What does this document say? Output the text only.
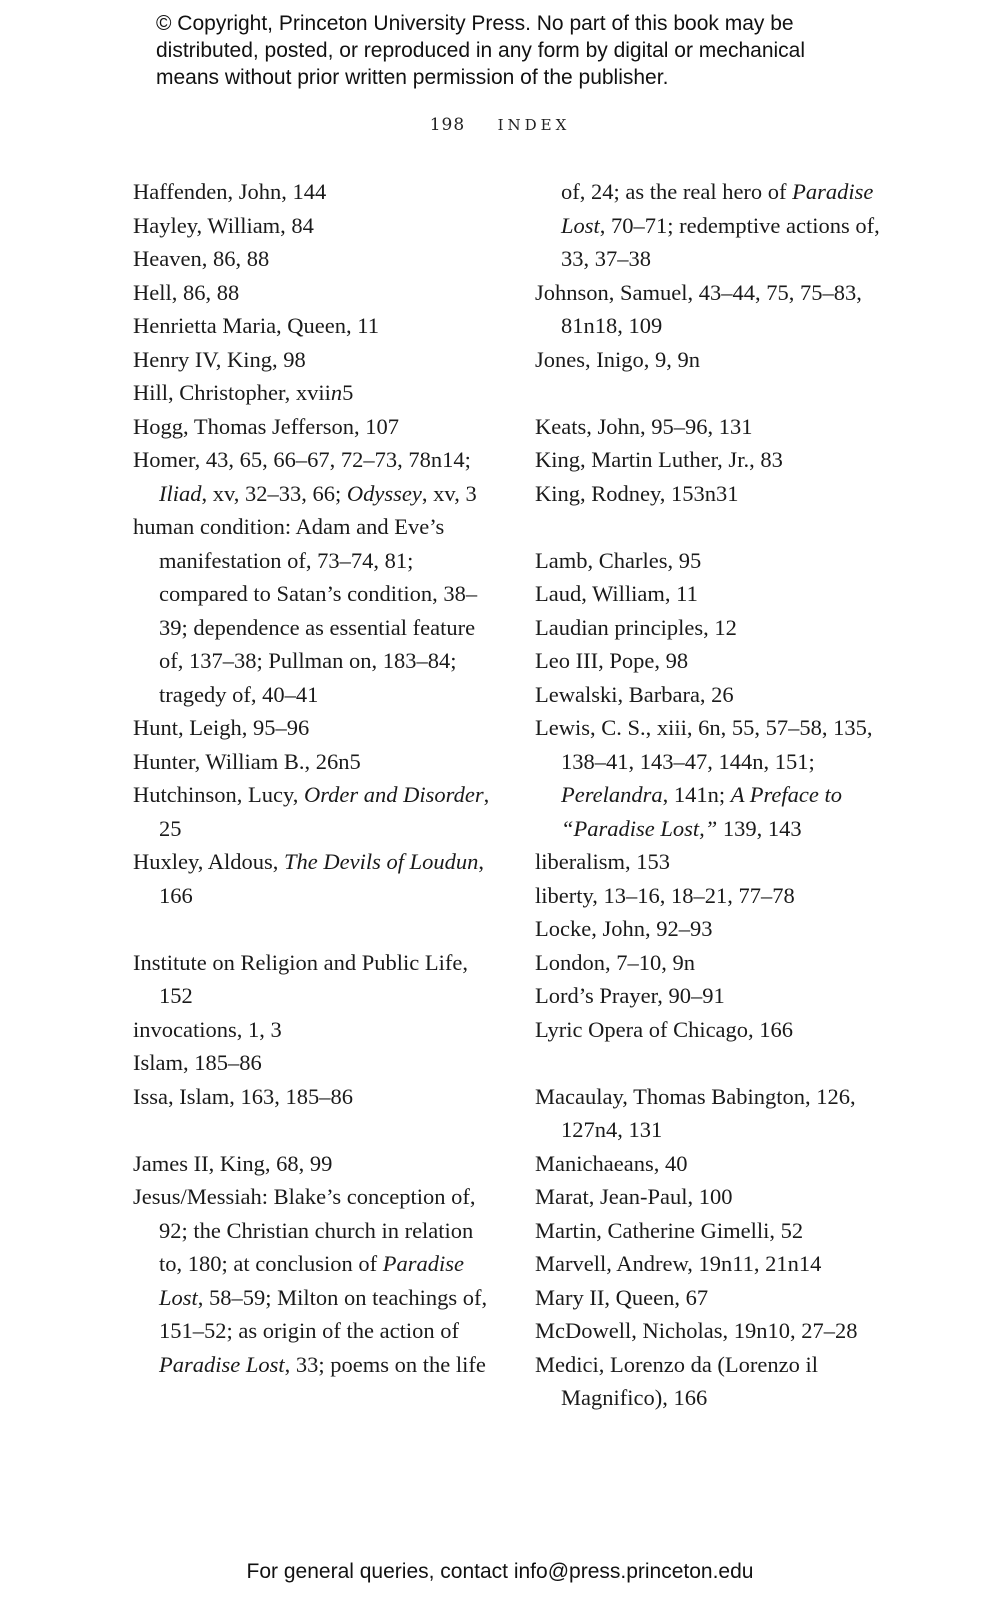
© Copyright, Princeton University Press. No part of this book may be
distributed, posted, or reproduced in any form by digital or mechanical
means without prior written permission of the publisher.
198 INDEX
Haffenden, John, 144
Hayley, William, 84
Heaven, 86, 88
Hell, 86, 88
Henrietta Maria, Queen, 11
Henry IV, King, 98
Hill, Christopher, xviin5
Hogg, Thomas Jefferson, 107
Homer, 43, 65, 66–67, 72–73, 78n14; Iliad, xv, 32–33, 66; Odyssey, xv, 3
human condition: Adam and Eve’s manifestation of, 73–74, 81; compared to Satan’s condition, 38–39; dependence as essential feature of, 137–38; Pullman on, 183–84; tragedy of, 40–41
Hunt, Leigh, 95–96
Hunter, William B., 26n5
Hutchinson, Lucy, Order and Disorder, 25
Huxley, Aldous, The Devils of Loudun, 166
Institute on Religion and Public Life, 152
invocations, 1, 3
Islam, 185–86
Issa, Islam, 163, 185–86
James II, King, 68, 99
Jesus/Messiah: Blake’s conception of, 92; the Christian church in relation to, 180; at conclusion of Paradise Lost, 58–59; Milton on teachings of, 151–52; as origin of the action of Paradise Lost, 33; poems on the life
of, 24; as the real hero of Paradise Lost, 70–71; redemptive actions of, 33, 37–38
Johnson, Samuel, 43–44, 75, 75–83, 81n18, 109
Jones, Inigo, 9, 9n
Keats, John, 95–96, 131
King, Martin Luther, Jr., 83
King, Rodney, 153n31
Lamb, Charles, 95
Laud, William, 11
Laudian principles, 12
Leo III, Pope, 98
Lewalski, Barbara, 26
Lewis, C. S., xiii, 6n, 55, 57–58, 135, 138–41, 143–47, 144n, 151; Perelandra, 141n; A Preface to “Paradise Lost,” 139, 143
liberalism, 153
liberty, 13–16, 18–21, 77–78
Locke, John, 92–93
London, 7–10, 9n
Lord’s Prayer, 90–91
Lyric Opera of Chicago, 166
Macaulay, Thomas Babington, 126, 127n4, 131
Manichaeans, 40
Marat, Jean-Paul, 100
Martin, Catherine Gimelli, 52
Marvell, Andrew, 19n11, 21n14
Mary II, Queen, 67
McDowell, Nicholas, 19n10, 27–28
Medici, Lorenzo da (Lorenzo il Magnifico), 166
For general queries, contact info@press.princeton.edu
